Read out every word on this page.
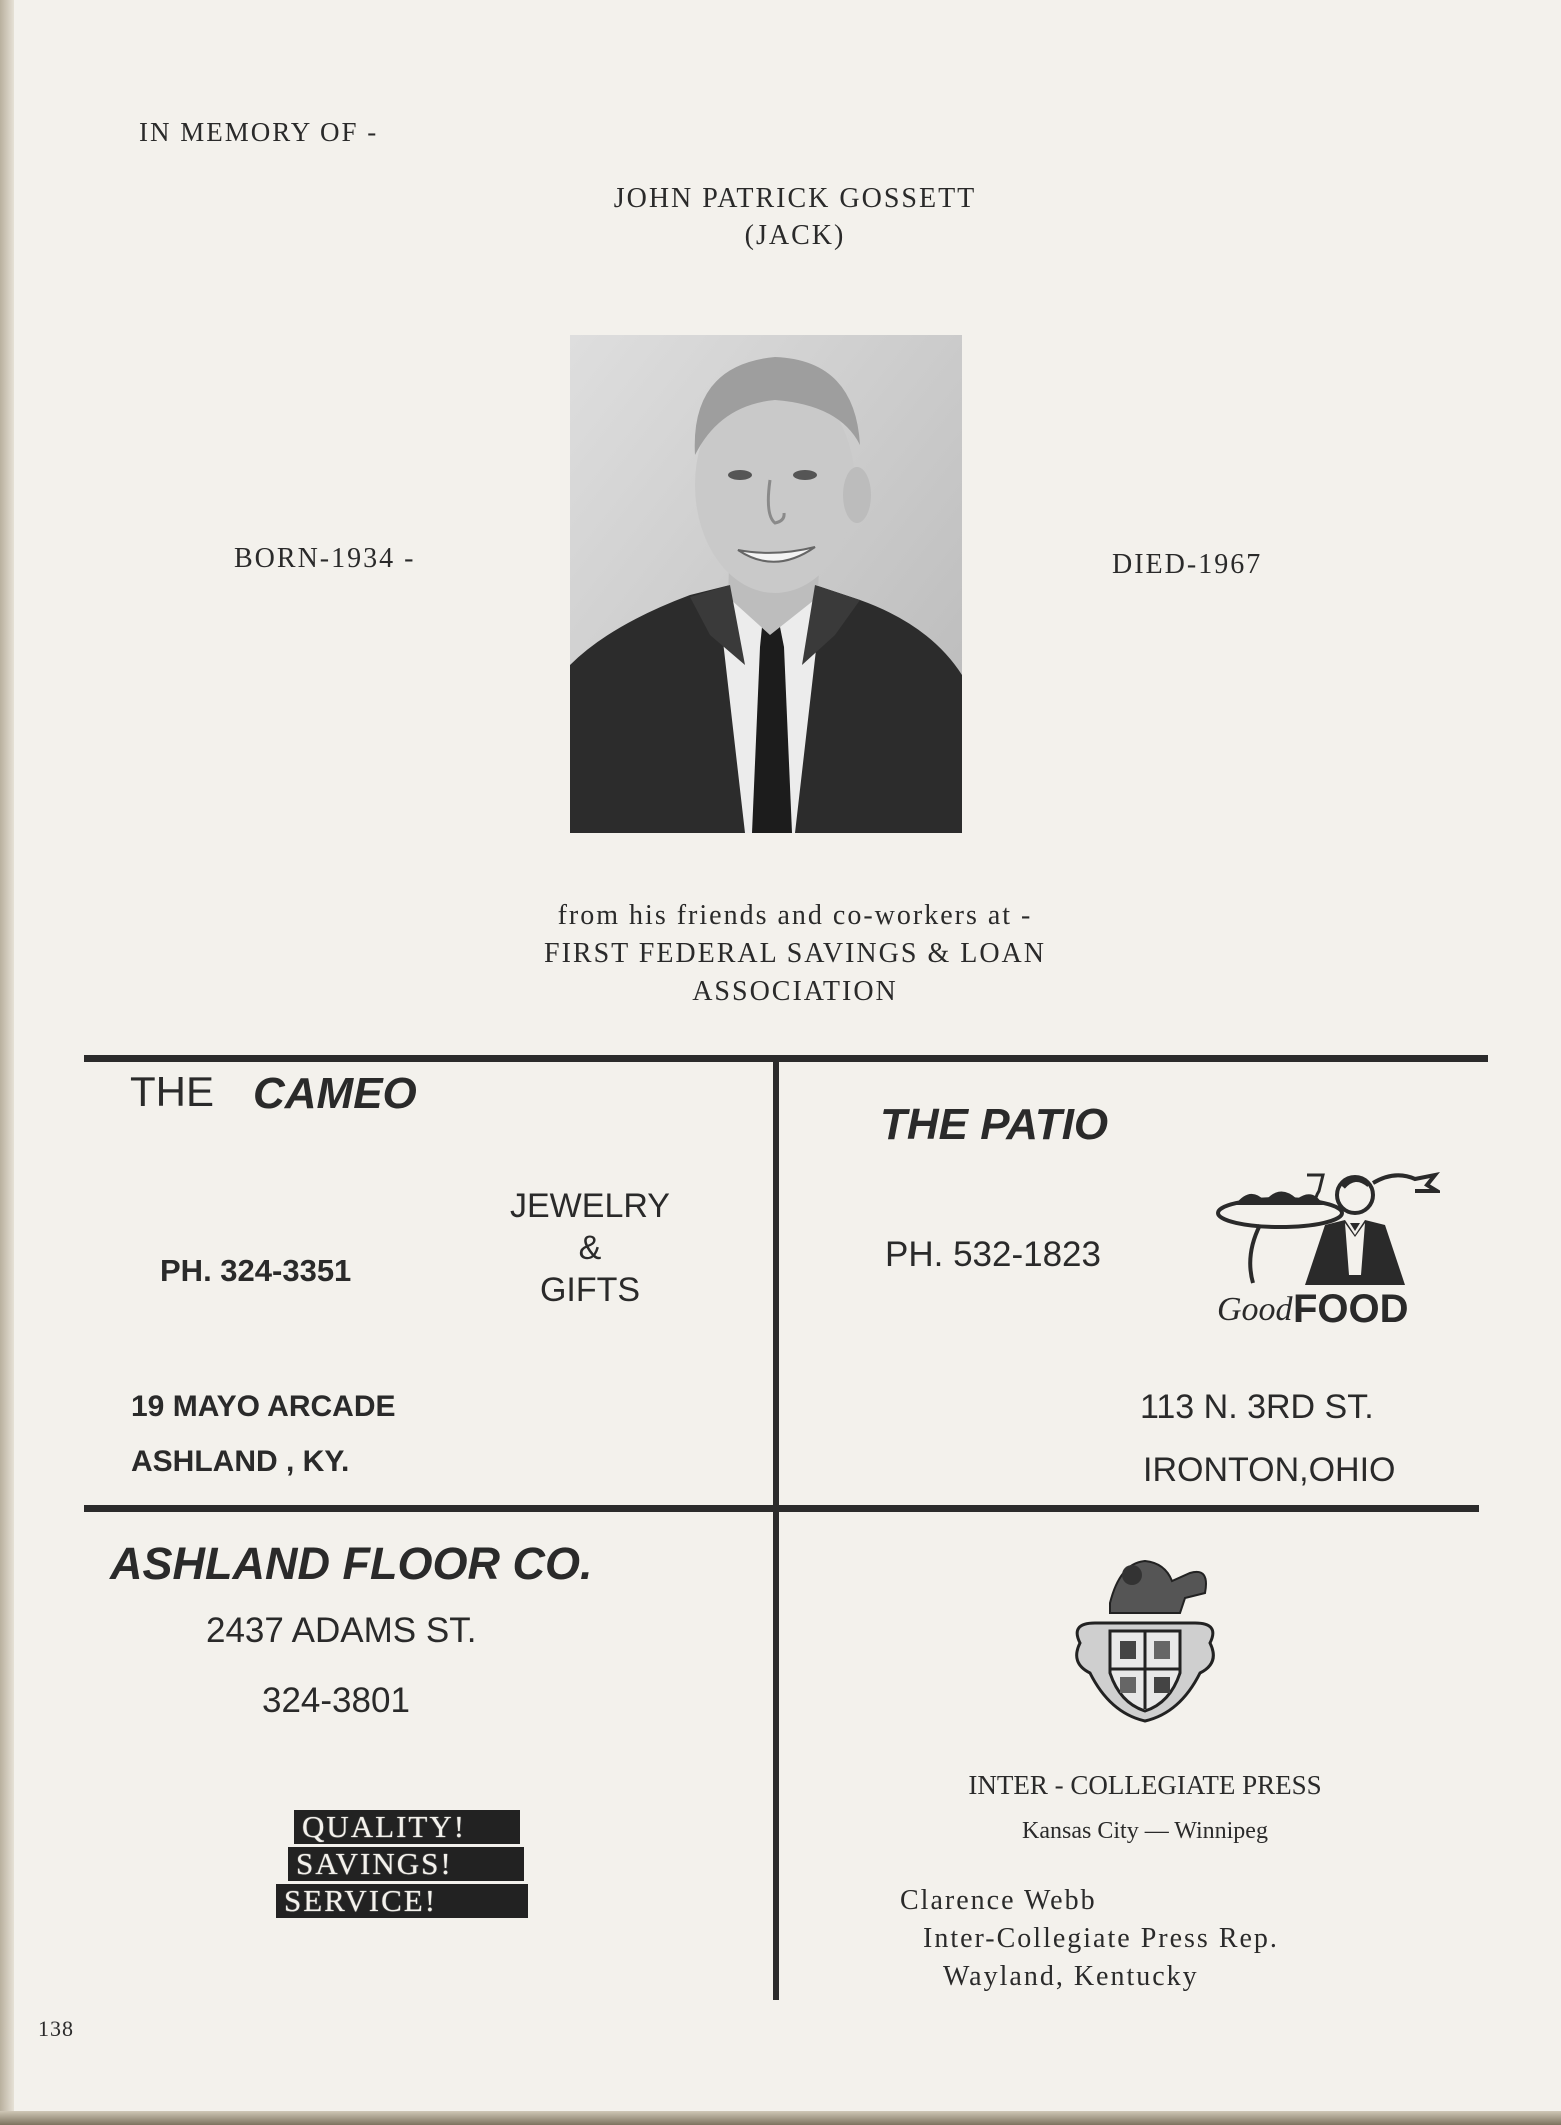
IN MEMORY OF -
JOHN PATRICK GOSSETT
(JACK)
BORN-1934 -	DIED-1967
from his friends and co-workers at -
FIRST FEDERAL SAVINGS & LOAN
ASSOCIATION
THE CAMEO
PH. 324-3351
JEWELRY
&
GIFTS
19 MAYO ARCADE
ASHLAND , KY.
THE PATIO
PH. 532-1823
Good FOOD
113 N. 3RD ST.
IRONTON,OHIO
ASHLAND FLOOR CO.
2437 ADAMS ST.
324-3801
QUALITY!
SAVINGS!
SERVICE!
INTER - COLLEGIATE PRESS
Kansas City — Winnipeg
Clarence Webb
Inter-Collegiate Press Rep.
Wayland, Kentucky
138
